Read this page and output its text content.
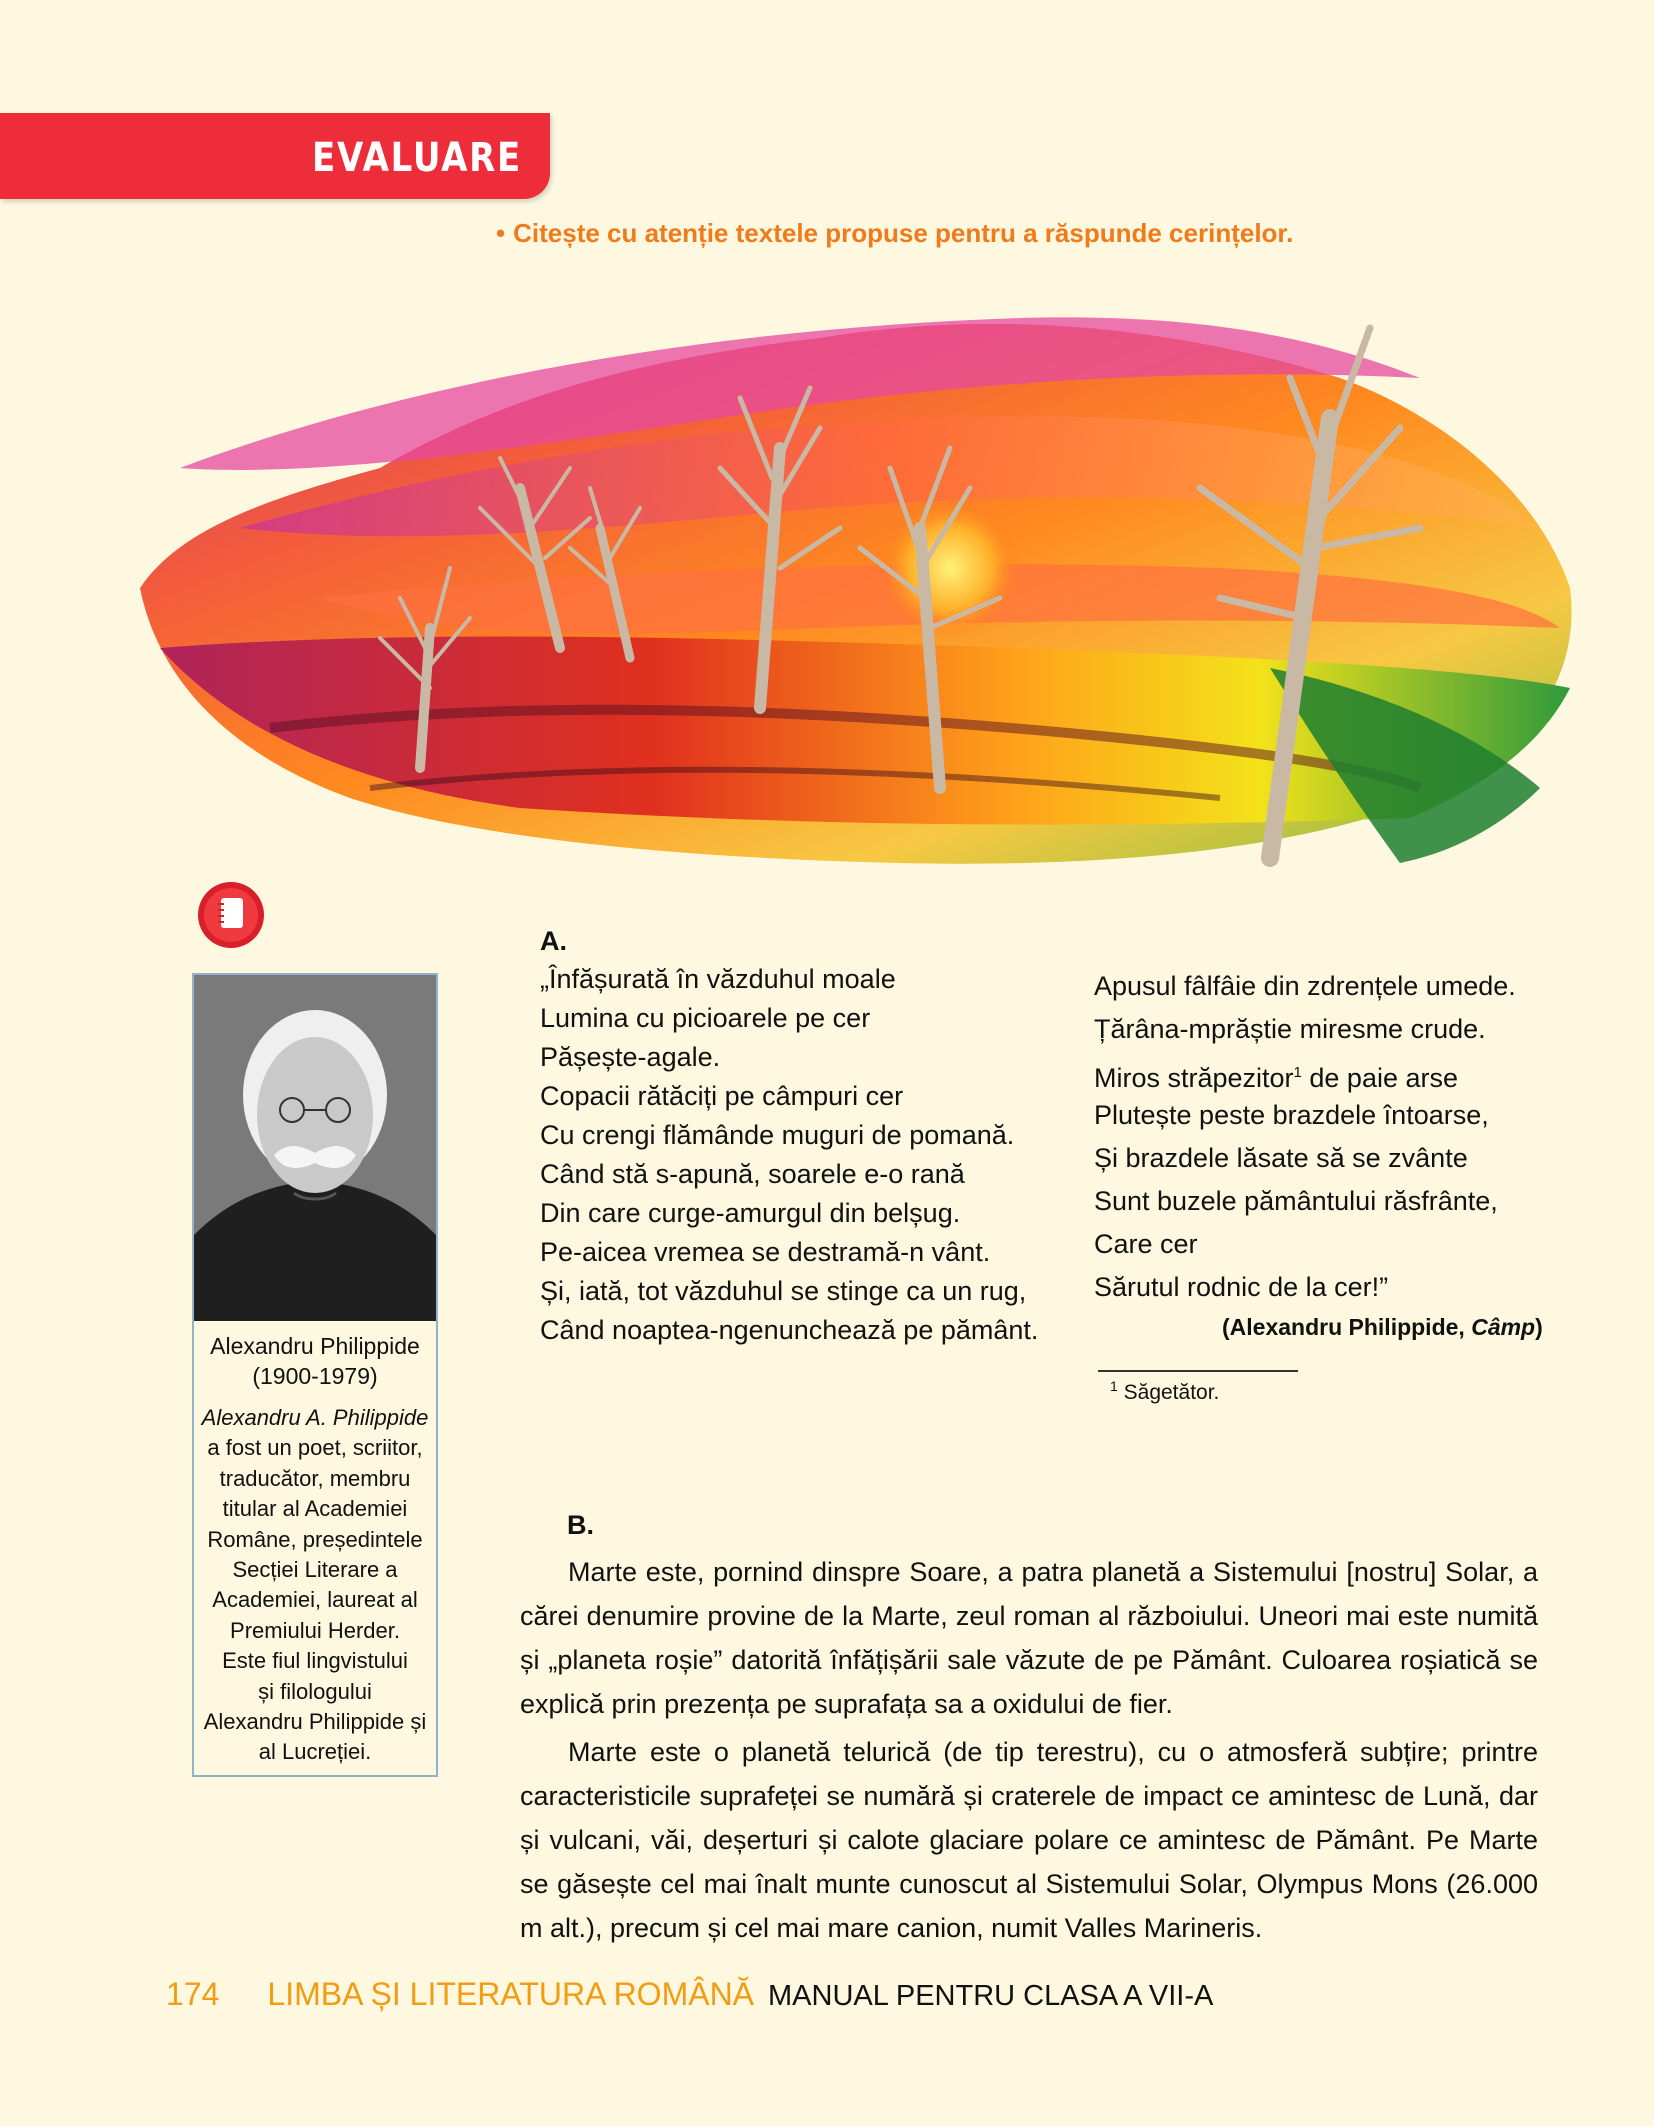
EVALUARE
• Citește cu atenție textele propuse pentru a răspunde cerințelor.
Alexandru Philippide
(1900-1979)
Alexandru A. Philippide
a fost un poet, scriitor,
traducător, membru
titular al Academiei
Române, președintele
Secției Literare a
Academiei, laureat al
Premiului Herder.
Este fiul lingvistului
și filologului
Alexandru Philippide și
al Lucreției.
A.
„Înfășurată în văzduhul moale
Lumina cu picioarele pe cer
Pășește-agale.
Copacii rătăciți pe câmpuri cer
Cu crengi flămânde muguri de pomană.
Când stă s-apună, soarele e-o rană
Din care curge-amurgul din belșug.
Pe-aicea vremea se destramă-n vânt.
Și, iată, tot văzduhul se stinge ca un rug,
Când noaptea-ngenunchează pe pământ.
Apusul fâlfâie din zdrențele umede.
Țărâna-mprăștie miresme crude.
Miros străpezitor$^1$ de paie arse
Plutește peste brazdele întoarse,
Și brazdele lăsate să se zvânte
Sunt buzele pământului răsfrânte,
Care cer
Sărutul rodnic de la cer!”
(Alexandru Philippide, Câmp)
$^1$ Săgetător.
B.

Marte este, pornind dinspre Soare, a patra planetă a Sistemului [nostru] Solar, a cărei denumire provine de la Marte, zeul roman al războiului. Uneori mai este numită și „planeta roșie” datorită înfățișării sale văzute de pe Pământ. Culoarea roșiatică se explică prin prezența pe suprafața sa a oxidului de fier.

Marte este o planetă telurică (de tip terestru), cu o atmosferă subțire; printre caracteristicile suprafeței se numără și craterele de impact ce amintesc de Lună, dar și vulcani, văi, deșerturi și calote glaciare polare ce amintesc de Pământ. Pe Marte se găsește cel mai înalt munte cunoscut al Sistemului Solar, Olympus Mons (26.000 m alt.), precum și cel mai mare canion, numit Valles Marineris.

174 LIMBA ȘI LITERATURA ROMÂNĂ MANUAL PENTRU CLASA A VII-A
